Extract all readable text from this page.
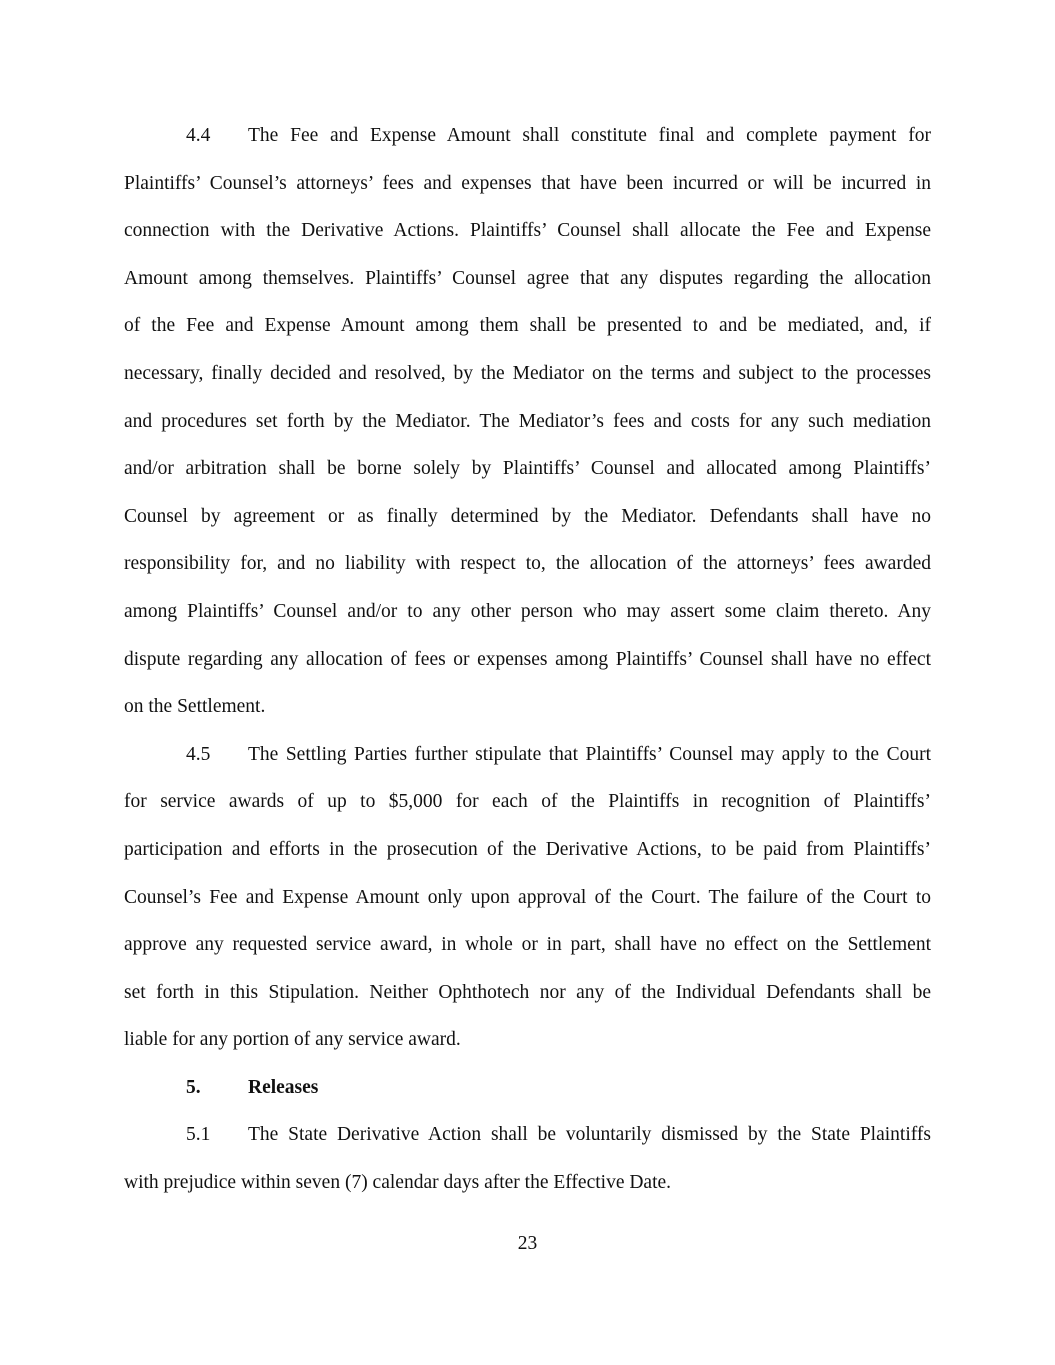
4.4 The Fee and Expense Amount shall constitute final and complete payment for
Plaintiffs’ Counsel’s attorneys’ fees and expenses that have been incurred or will be incurred in
connection with the Derivative Actions. Plaintiffs’ Counsel shall allocate the Fee and Expense
Amount among themselves. Plaintiffs’ Counsel agree that any disputes regarding the allocation
of the Fee and Expense Amount among them shall be presented to and be mediated, and, if
necessary, finally decided and resolved, by the Mediator on the terms and subject to the processes
and procedures set forth by the Mediator. The Mediator’s fees and costs for any such mediation
and/or arbitration shall be borne solely by Plaintiffs’ Counsel and allocated among Plaintiffs’
Counsel by agreement or as finally determined by the Mediator. Defendants shall have no
responsibility for, and no liability with respect to, the allocation of the attorneys’ fees awarded
among Plaintiffs’ Counsel and/or to any other person who may assert some claim thereto. Any
dispute regarding any allocation of fees or expenses among Plaintiffs’ Counsel shall have no effect
on the Settlement.
4.5 The Settling Parties further stipulate that Plaintiffs’ Counsel may apply to the Court
for service awards of up to $5,000 for each of the Plaintiffs in recognition of Plaintiffs’
participation and efforts in the prosecution of the Derivative Actions, to be paid from Plaintiffs’
Counsel’s Fee and Expense Amount only upon approval of the Court. The failure of the Court to
approve any requested service award, in whole or in part, shall have no effect on the Settlement
set forth in this Stipulation. Neither Ophthotech nor any of the Individual Defendants shall be
liable for any portion of any service award.
5. Releases
5.1 The State Derivative Action shall be voluntarily dismissed by the State Plaintiffs
with prejudice within seven (7) calendar days after the Effective Date.
23
